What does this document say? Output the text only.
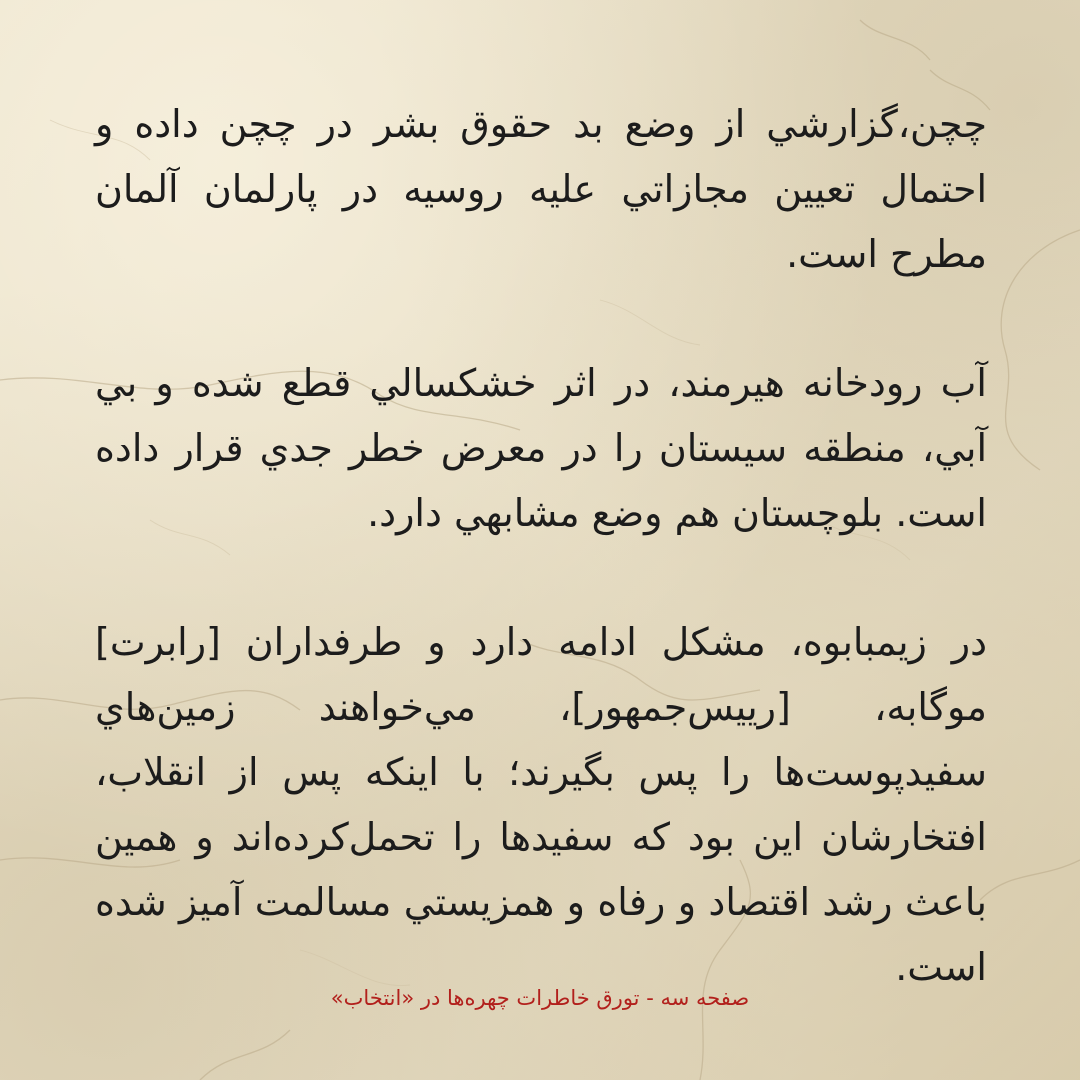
چچن،گزارشي از وضع بد حقوق بشر در چچن داده و احتمال تعيين مجازاتي عليه روسيه در پارلمان آلمان مطرح است.

آب رودخانه هيرمند، در اثر خشكسالي قطع شده و بي آبي، منطقه سيستان را در معرض خطر جدي قرار داده است. بلوچستان هم وضع مشابهي دارد.

در زيمبابوه، مشكل ادامه دارد و طرفداران [رابرت] موگابه، [رييس‌جمهور]، مي‌خواهند زمين‌هاي سفيدپوست‌ها را پس بگيرند؛ با اينكه پس از انقلاب، افتخارشان اين بود كه سفيدها را تحمل‌كرده‌اند و همين باعث رشد اقتصاد و رفاه و همزيستي مسالمت آميز شده است.

صفحه سه - تورق خاطرات چهره‌ها در «انتخاب»
